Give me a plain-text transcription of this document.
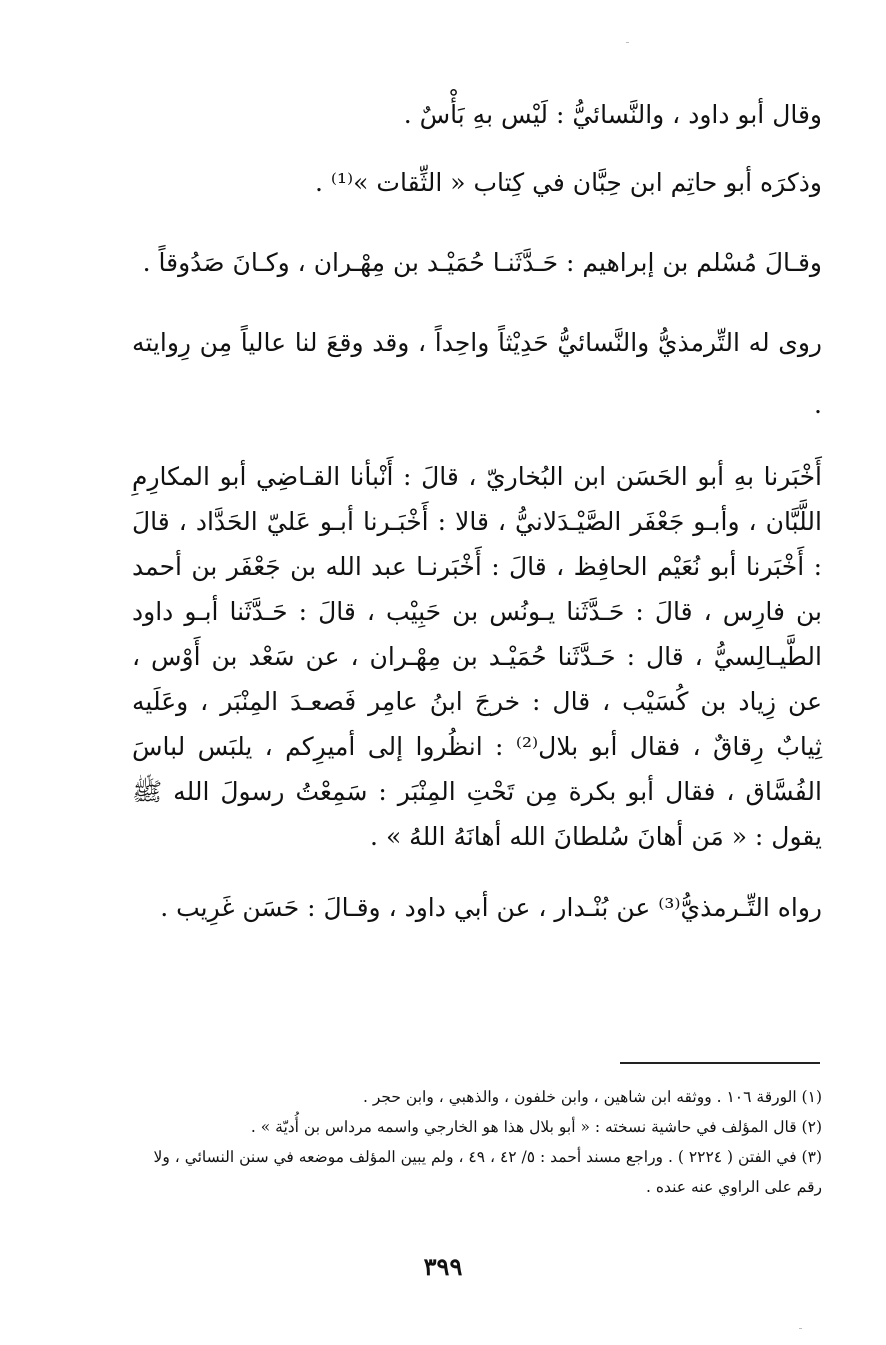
وقال أبو داود ، والنَّسائيُّ : لَيْس بهِ بَأْسٌ .

وذكرَه أبو حاتِم ابن حِبَّان في كِتاب « الثِّقات »⁽¹⁾ .

وقـالَ مُسْلم بن إبراهيم : حَـدَّثَنـا حُمَيْـد بن مِهْـران ، وكـانَ صَدُوقاً .

روى له التِّرمذيُّ والنَّسائيُّ حَدِيْثاً واحِداً ، وقد وقعَ لنا عالياً مِن رِوايته .

أَخْبَرنا بهِ أبو الحَسَن ابن البُخاريّ ، قالَ : أَنْبأنا القـاضِي أبو المكارِمِ اللَّبَّان ، وأبـو جَعْفَر الصَّيْـدَلانيُّ ، قالا : أَخْبَـرنا أبـو عَليّ الحَدَّاد ، قالَ : أَخْبَرنا أبو نُعَيْم الحافِظ ، قالَ : أَخْبَرنـا عبد الله بن جَعْفَر بن أحمد بن فارِس ، قالَ : حَـدَّثَنا يـونُس بن حَبِيْب ، قالَ : حَـدَّثَنا أبـو داود الطَّيـالِسيُّ ، قال : حَـدَّثَنا حُمَيْـد بن مِهْـران ، عن سَعْد بن أَوْس ، عن زِياد بن كُسَيْب ، قال : خرجَ ابنُ عامِر فَصعـدَ المِنْبَر ، وعَلَيه ثِيابٌ رِقاقٌ ، فقال أبو بلال⁽²⁾ : انظُروا إلى أميرِكم ، يلبَس لباسَ الفُسَّاق ، فقال أبو بكرة مِن تَحْتِ المِنْبَر : سَمِعْتُ رسولَ الله ﷺ يقول : « مَن أهانَ سُلطانَ الله أهانَهُ اللهُ » .

رواه التِّـرمذيُّ⁽³⁾ عن بُنْـدار ، عن أبي داود ، وقـالَ : حَسَن غَرِيب .

(١) الورقة ١٠٦ . ووثقه ابن شاهين ، وابن خلفون ، والذهبي ، وابن حجر .

(٢) قال المؤلف في حاشية نسخته : « أبو بلال هذا هو الخارجي واسمه مرداس بن أُديّة » .

(٣) في الفتن ( ٢٢٢٤ ) . وراجع مسند أحمد : ٥/ ٤٢ ، ٤٩ ، ولم يبين المؤلف موضعه في سنن النسائي ، ولا رقم على الراوي عنه عنده .

٣٩٩
